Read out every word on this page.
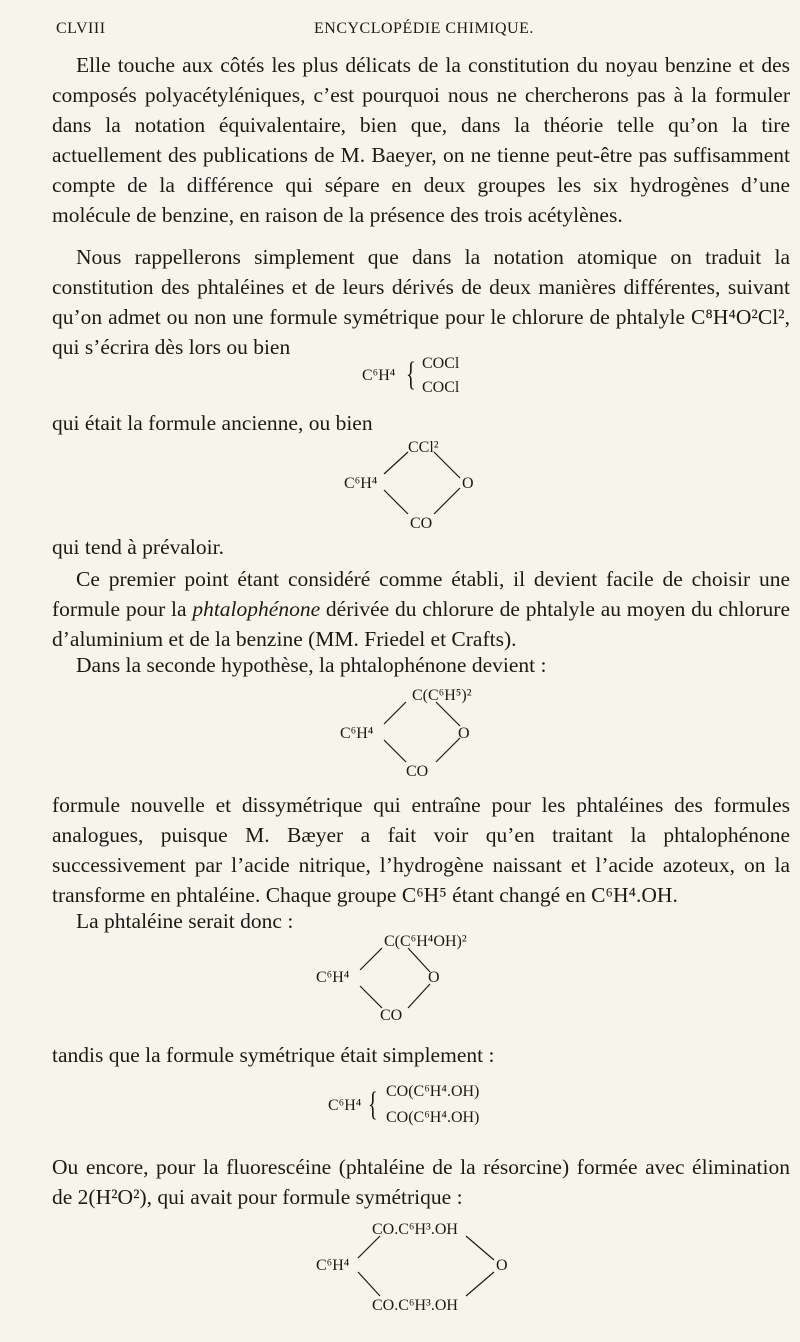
CLVIII	ENCYCLOPÉDIE CHIMIQUE.

Elle touche aux côtés les plus délicats de la constitution du noyau benzine et des composés polyacétyléniques, c’est pourquoi nous ne chercherons pas à la formuler dans la notation équivalentaire, bien que, dans la théorie telle qu’on la tire actuellement des publications de M. Baeyer, on ne tienne peut-être pas suffisamment compte de la différence qui sépare en deux groupes les six hydrogènes d’une molécule de benzine, en raison de la présence des trois acétylènes.

Nous rappellerons simplement que dans la notation atomique on traduit la constitution des phtaléines et de leurs dérivés de deux manières différentes, suivant qu’on admet ou non une formule symétrique pour le chlorure de phtalyle C⁸H⁴O²Cl², qui s’écrira dès lors ou bien

C⁶H⁴ { COCl
COCl

qui était la formule ancienne, ou bien

CCl²
C⁶H⁴	O
CO

qui tend à prévaloir.

Ce premier point étant considéré comme établi, il devient facile de choisir une formule pour la phtalophénone dérivée du chlorure de phtalyle au moyen du chlorure d’aluminium et de la benzine (MM. Friedel et Crafts).

Dans la seconde hypothèse, la phtalophénone devient :

C(C⁶H⁵)²
C⁶H⁴	O
CO

formule nouvelle et dissymétrique qui entraîne pour les phtaléines des formules analogues, puisque M. Bæyer a fait voir qu’en traitant la phtalophénone successivement par l’acide nitrique, l’hydrogène naissant et l’acide azoteux, on la transforme en phtaléine. Chaque groupe C⁶H⁵ étant changé en C⁶H⁴.OH.

La phtaléine serait donc :

C(C⁶H⁴OH)²
C⁶H⁴	O
CO

tandis que la formule symétrique était simplement :

C⁶H⁴ { CO(C⁶H⁴.OH)
CO(C⁶H⁴.OH)

Ou encore, pour la fluorescéine (phtaléine de la résorcine) formée avec élimination de 2(H²O²), qui avait pour formule symétrique :

CO.C⁶H³.OH
C⁶H⁴	O
CO.C⁶H³.OH
